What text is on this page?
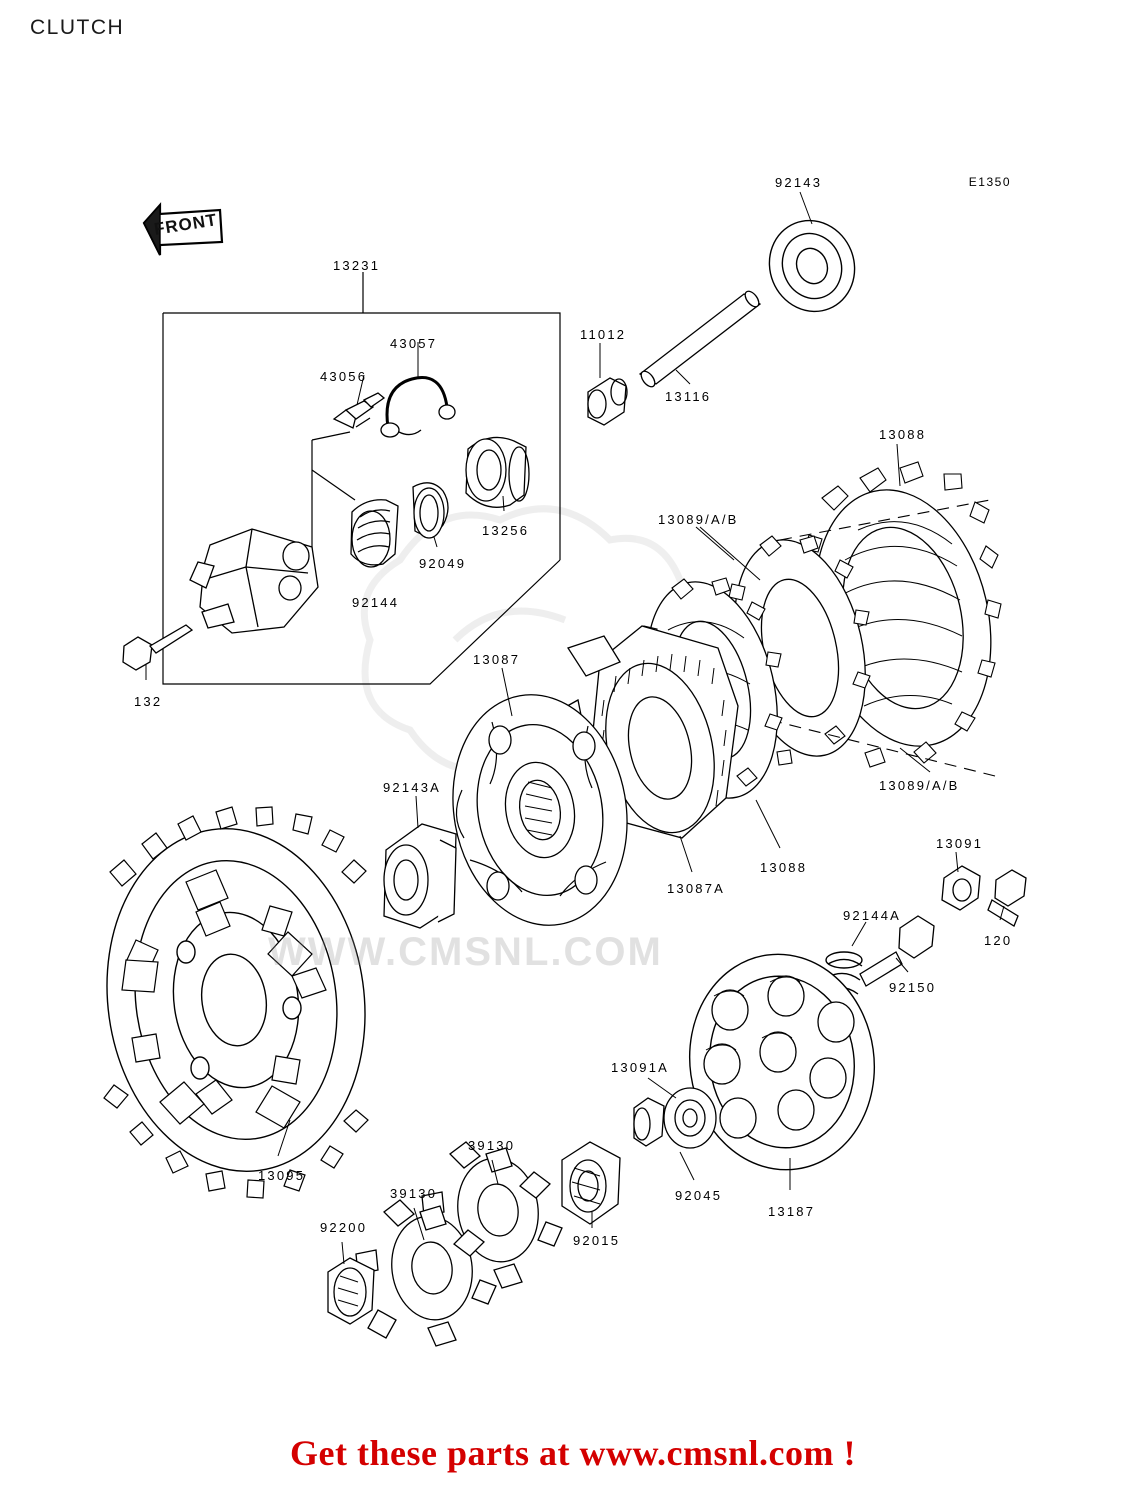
CLUTCH
E1350
FRONT
WWW.CMSNL.COM
92143
13231
43057
11012
43056
13116
13088
13256
13089/A/B
92049
92144
13087
132
13089/A/B
92143A
13088
13087A
13091
92144A
120
92150
13091A
92045
13095
39130
39130
13187
92015
92200
Get these parts at www.cmsnl.com !
